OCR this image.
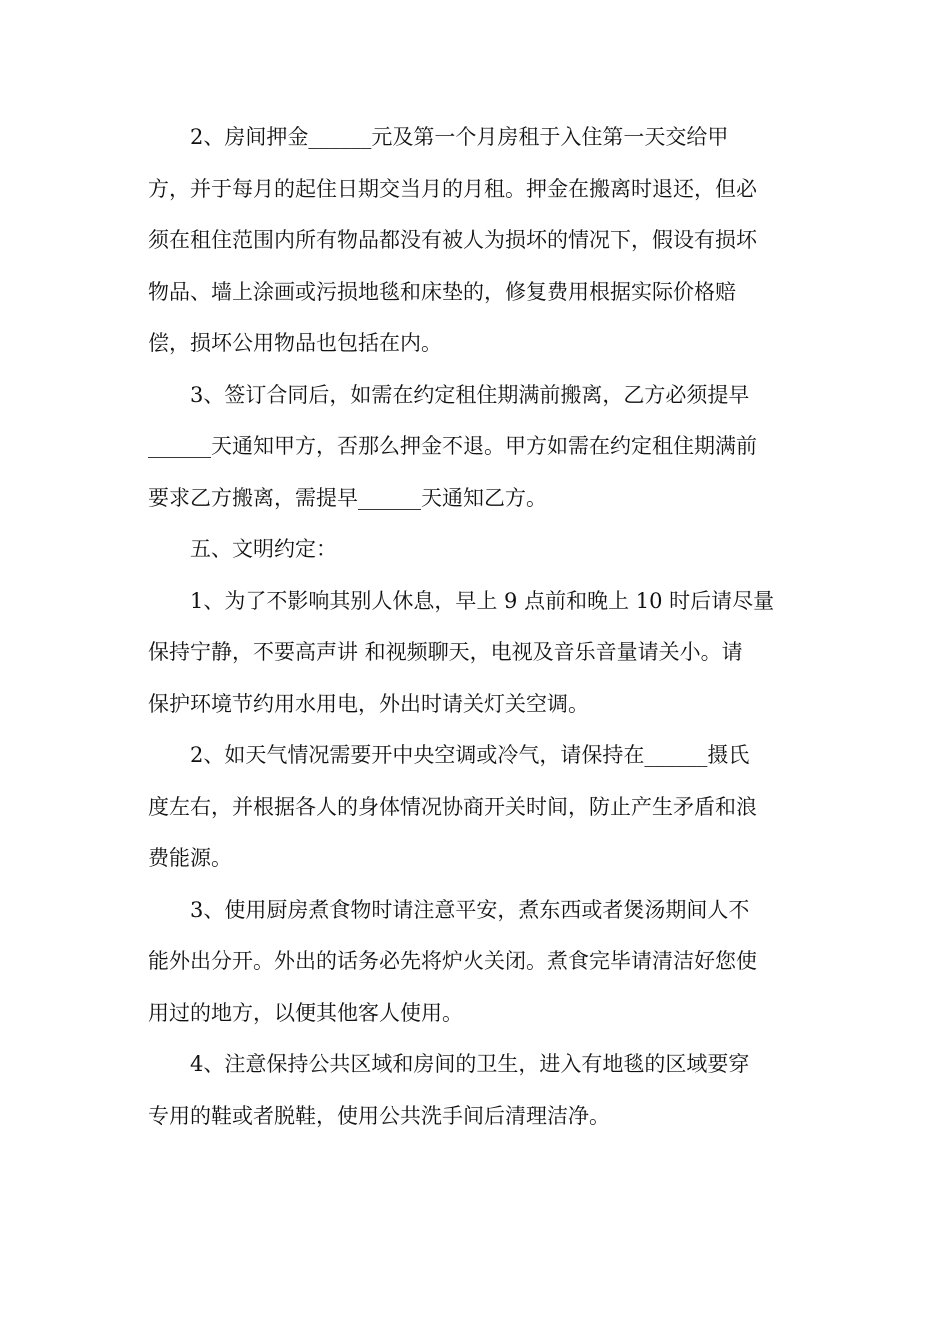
2、房间押金______元及第一个月房租于入住第一天交给甲
方，并于每月的起住日期交当月的月租。押金在搬离时退还，但必
须在租住范围内所有物品都没有被人为损坏的情况下，假设有损坏
物品、墙上涂画或污损地毯和床垫的，修复费用根据实际价格赔
偿，损坏公用物品也包括在内。
3、签订合同后，如需在约定租住期满前搬离，乙方必须提早
______天通知甲方，否那么押金不退。甲方如需在约定租住期满前
要求乙方搬离，需提早______天通知乙方。
五、文明约定：
1、为了不影响其别人休息，早上 9 点前和晚上 10 时后请尽量
保持宁静，不要高声讲 和视频聊天，电视及音乐音量请关小。请
保护环境节约用水用电，外出时请关灯关空调。
2、如天气情况需要开中央空调或冷气，请保持在______摄氏
度左右，并根据各人的身体情况协商开关时间，防止产生矛盾和浪
费能源。
3、使用厨房煮食物时请注意平安，煮东西或者煲汤期间人不
能外出分开。外出的话务必先将炉火关闭。煮食完毕请清洁好您使
用过的地方，以便其他客人使用。
4、注意保持公共区域和房间的卫生，进入有地毯的区域要穿
专用的鞋或者脱鞋，使用公共洗手间后清理洁净。
